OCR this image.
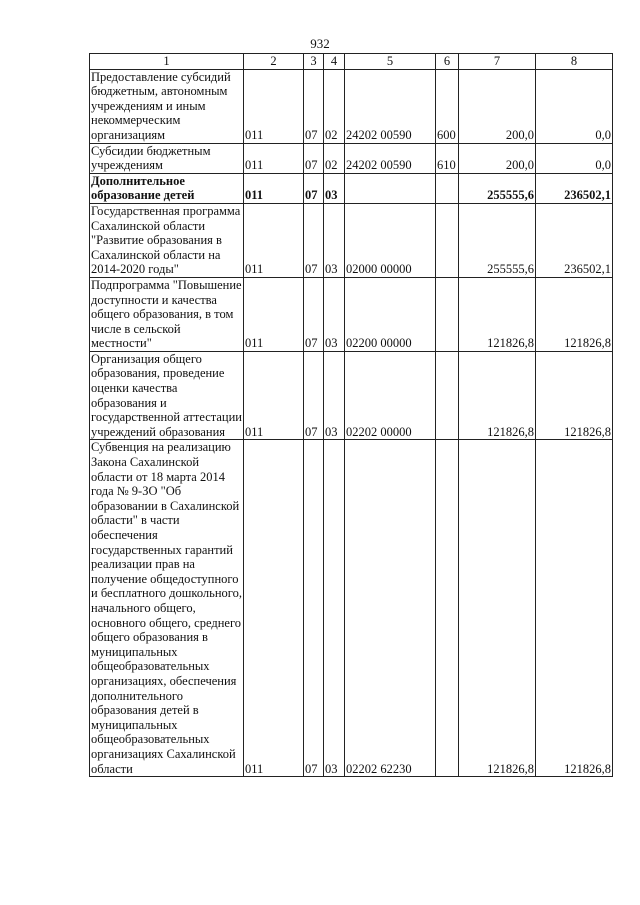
932
1	2	3	4	5	6	7	8
Предоставление субсидий бюджетным, автономным учреждениям и иным некоммерческим организациям	011	07	02	24202 00590	600	200,0	0,0
Субсидии бюджетным учреждениям	011	07	02	24202 00590	610	200,0	0,0
Дополнительное образование детей	011	07	03			255555,6	236502,1
Государственная программа Сахалинской области "Развитие образования в Сахалинской области на 2014-2020 годы"	011	07	03	02000 00000		255555,6	236502,1
Подпрограмма "Повышение доступности и качества общего образования, в том числе в сельской местности"	011	07	03	02200 00000		121826,8	121826,8
Организация общего образования, проведение оценки качества образования и государственной аттестации учреждений образования	011	07	03	02202 00000		121826,8	121826,8
Субвенция на реализацию Закона Сахалинской области от 18 марта 2014 года № 9-ЗО "Об образовании в Сахалинской области" в части обеспечения государственных гарантий реализации прав на получение общедоступного и бесплатного дошкольного, начального общего, основного общего, среднего общего образования в муниципальных общеобразовательных организациях, обеспечения дополнительного образования детей в муниципальных общеобразовательных организациях Сахалинской области	011	07	03	02202 62230		121826,8	121826,8
